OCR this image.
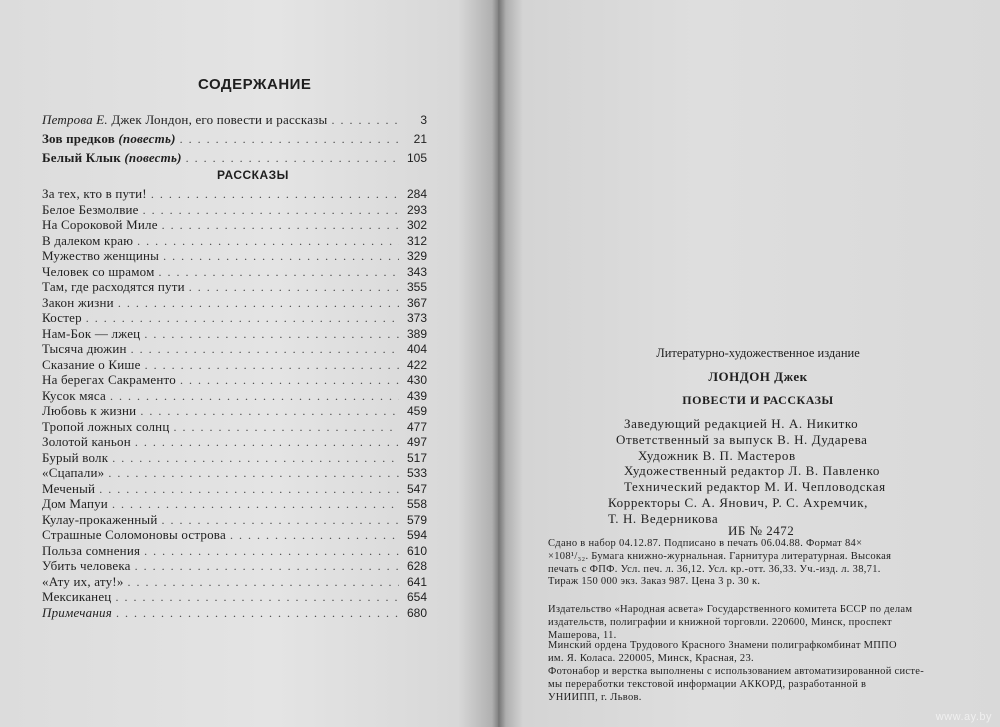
СОДЕРЖАНИЕ
Петрова Е. Джек Лондон, его повести и рассказы .....	3
Зов предков (повесть) .....	21
Белый Клык (повесть) .....	105
РАССКАЗЫ
За тех, кто в пути! .....	284
Белое Безмолвие .....	293
На Сороковой Миле .....	302
В далеком краю .....	312
Мужество женщины .....	329
Человек со шрамом .....	343
Там, где расходятся пути .....	355
Закон жизни .....	367
Костер .....	373
Нам-Бок — лжец .....	389
Тысяча дюжин .....	404
Сказание о Кише .....	422
На берегах Сакраменто .....	430
Кусок мяса .....	439
Любовь к жизни .....	459
Тропой ложных солнц .....	477
Золотой каньон .....	497
Бурый волк .....	517
«Сцапали» .....	533
Меченый .....	547
Дом Мапуи .....	558
Кулау-прокаженный .....	579
Страшные Соломоновы острова .....	594
Польза сомнения .....	610
Убить человека .....	628
«Ату их, ату!» .....	641
Мексиканец .....	654
Примечания .....	680
Литературно-художественное издание
ЛОНДОН Джек
ПОВЕСТИ И РАССКАЗЫ
Заведующий редакцией Н. А. Никитко
Ответственный за выпуск В. Н. Дударева
Художник В. П. Мастеров
Художественный редактор Л. В. Павленко
Технический редактор М. И. Чепловодская
Корректоры С. А. Янович, Р. С. Ахремчик,
Т. Н. Ведерникова
ИБ № 2472
Сдано в набор 04.12.87. Подписано в печать 06.04.88. Формат 84×
×108¹/₃₂. Бумага книжно-журнальная. Гарнитура литературная. Высокая
печать с ФПФ. Усл. печ. л. 36,12. Усл. кр.-отт. 36,33. Уч.-изд. л. 38,71.
Тираж 150 000 экз. Заказ 987. Цена 3 р. 30 к.
Издательство «Народная асвета» Государственного комитета БССР по делам
издательств, полиграфии и книжной торговли. 220600, Минск, проспект
Машерова, 11.
Минский ордена Трудового Красного Знамени полиграфкомбинат МППО
им. Я. Коласа. 220005, Минск, Красная, 23.
Фотонабор и верстка выполнены с использованием автоматизированной систе-
мы переработки текстовой информации АККОРД, разработанной в
УНИИПП, г. Львов.
www.ay.by
